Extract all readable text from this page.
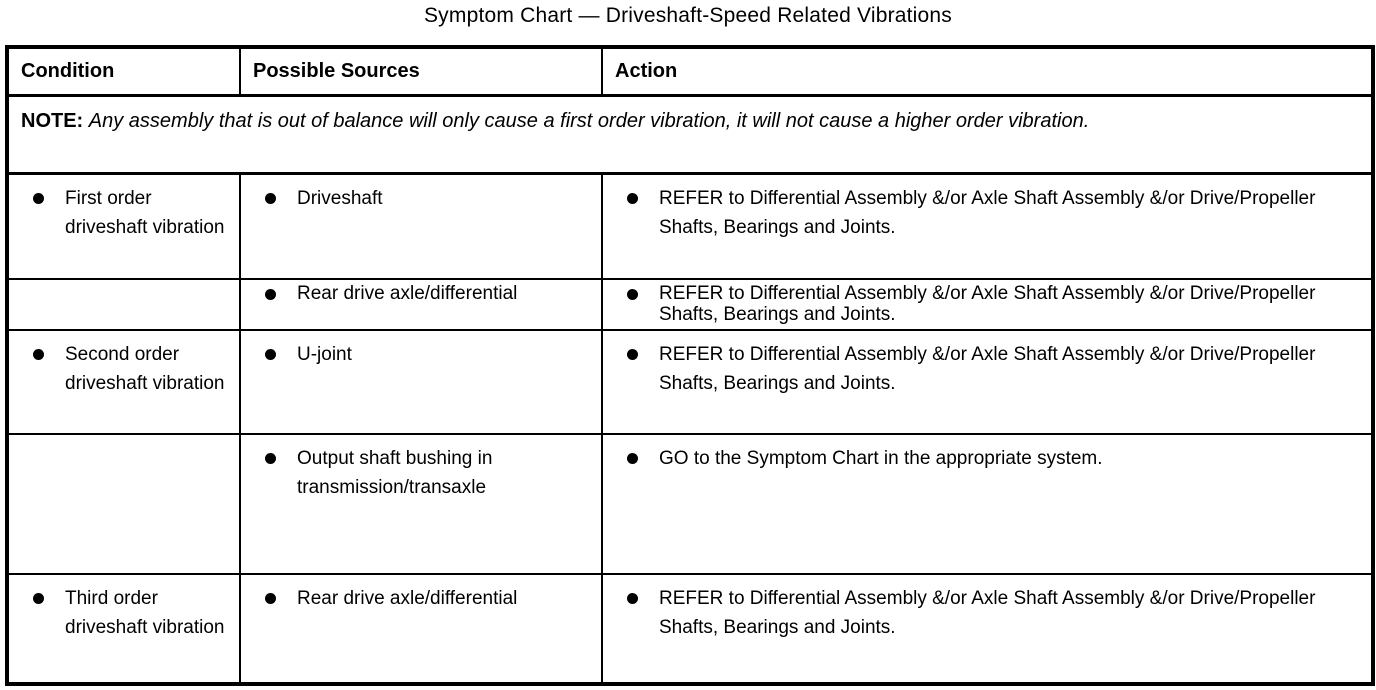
Symptom Chart — Driveshaft-Speed Related Vibrations
Condition	Possible Sources	Action

NOTE: Any assembly that is out of balance will only cause a first order vibration, it will not cause a higher order vibration.		

First order driveshaft vibration	Driveshaft	REFER to Differential Assembly &/or Axle Shaft Assembly &/or Drive/Propeller Shafts, Bearings and Joints.

	Rear drive axle/differential	REFER to Differential Assembly &/or Axle Shaft Assembly &/or Drive/Propeller Shafts, Bearings and Joints.

Second order driveshaft vibration	U-joint	REFER to Differential Assembly &/or Axle Shaft Assembly &/or Drive/Propeller Shafts, Bearings and Joints.

	Output shaft bushing in transmission/transaxle	GO to the Symptom Chart in the appropriate system.

Third order driveshaft vibration	Rear drive axle/differential	REFER to Differential Assembly &/or Axle Shaft Assembly &/or Drive/Propeller Shafts, Bearings and Joints.
